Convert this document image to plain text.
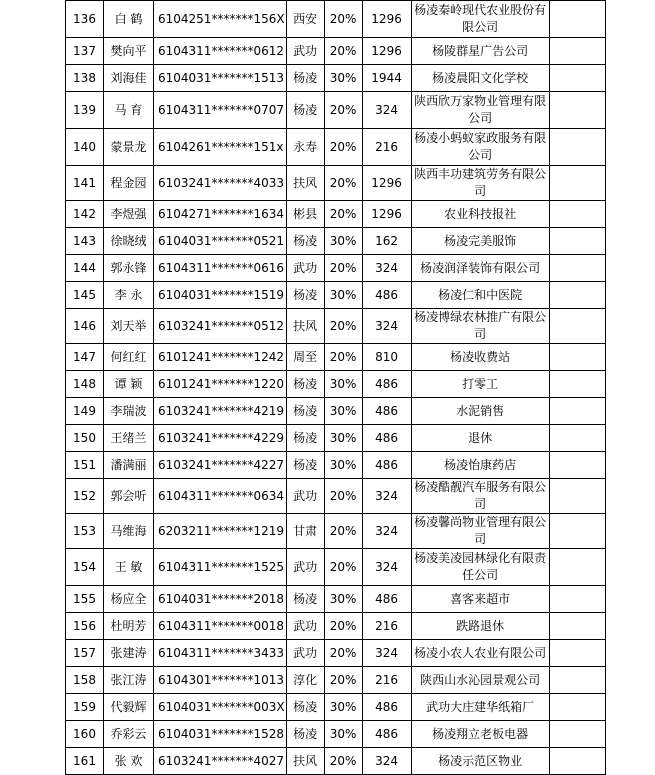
136	白 鹤	6104251*******156X	西安	20%	1296	杨凌秦岭现代农业股份有限公司	
137	樊向平	6104311*******0612	武功	20%	1296	杨陵群星广告公司	
138	刘海佳	6104031*******1513	杨凌	30%	1944	杨凌晨阳文化学校	
139	马 育	6104311*******0707	杨凌	20%	324	陕西欣万家物业管理有限公司	
140	蒙景龙	6104261*******151x	永寿	20%	216	杨凌小蚂蚁家政服务有限公司	
141	程金园	6103241*******4033	扶风	20%	1296	陕西丰功建筑劳务有限公司	
142	李煜强	6104271*******1634	彬县	20%	1296	农业科技报社	
143	徐晓绒	6104031*******0521	杨凌	30%	162	杨凌完美服饰	
144	郭永锋	6104311*******0616	武功	20%	324	杨凌润泽装饰有限公司	
145	李 永	6104031*******1519	杨凌	30%	486	杨凌仁和中医院	
146	刘天举	6103241*******0512	扶风	20%	324	杨凌博绿农林推广有限公司	
147	何红红	6101241*******1242	周至	20%	810	杨凌收费站	
148	谭 颖	6101241*******1220	杨凌	30%	486	打零工	
149	李瑞波	6103241*******4219	杨凌	30%	486	水泥销售	
150	王绪兰	6103241*******4229	杨凌	30%	486	退休	
151	潘满丽	6103241*******4227	杨凌	30%	486	杨凌怡康药店	
152	郭会听	6104311*******0634	武功	20%	324	杨凌酷靓汽车服务有限公司	
153	马维海	6203211*******1219	甘肃	20%	324	杨凌馨尚物业管理有限公司	
154	王 敏	6104311*******1525	武功	20%	324	杨凌美凌园林绿化有限责任公司	
155	杨应全	6104031*******2018	杨凌	30%	486	喜客来超市	
156	杜明芳	6104311*******0018	武功	20%	216	跌路退休	
157	张建涛	6104311*******3433	武功	20%	324	杨凌小农人农业有限公司	
158	张江涛	6104301*******1013	淳化	20%	216	陕西山水沁园景观公司	
159	代毅辉	6104031*******003X	杨凌	30%	486	武功大庄建华纸箱厂	
160	乔彩云	6104031*******1528	杨凌	30%	486	杨凌翔立老板电器	
161	张 欢	6103241*******4027	扶风	20%	324	杨凌示范区物业	
